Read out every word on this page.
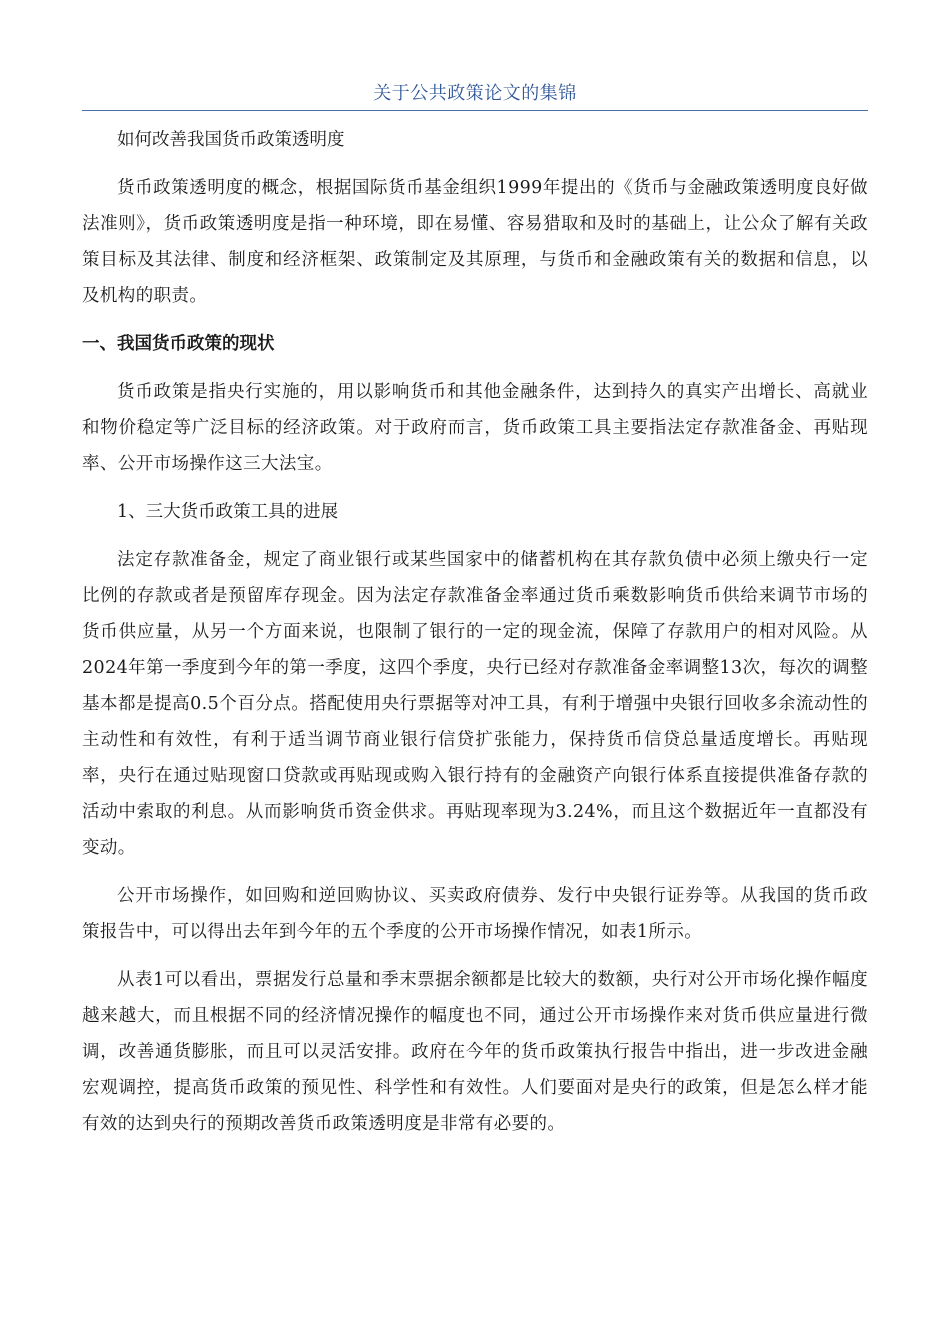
关于公共政策论文的集锦

如何改善我国货币政策透明度

货币政策透明度的概念，根据国际货币基金组织1999年提出的《货币与金融政策透明度良好做法准则》，货币政策透明度是指一种环境，即在易懂、容易猎取和及时的基础上，让公众了解有关政策目标及其法律、制度和经济框架、政策制定及其原理，与货币和金融政策有关的数据和信息，以及机构的职责。

一、我国货币政策的现状

货币政策是指央行实施的，用以影响货币和其他金融条件，达到持久的真实产出增长、高就业和物价稳定等广泛目标的经济政策。对于政府而言，货币政策工具主要指法定存款准备金、再贴现率、公开市场操作这三大法宝。

1、三大货币政策工具的进展

法定存款准备金，规定了商业银行或某些国家中的储蓄机构在其存款负债中必须上缴央行一定比例的存款或者是预留库存现金。因为法定存款准备金率通过货币乘数影响货币供给来调节市场的货币供应量，从另一个方面来说，也限制了银行的一定的现金流，保障了存款用户的相对风险。从2024年第一季度到今年的第一季度，这四个季度，央行已经对存款准备金率调整13次，每次的调整基本都是提高0.5个百分点。搭配使用央行票据等对冲工具，有利于增强中央银行回收多余流动性的主动性和有效性，有利于适当调节商业银行信贷扩张能力，保持货币信贷总量适度增长。再贴现率，央行在通过贴现窗口贷款或再贴现或购入银行持有的金融资产向银行体系直接提供准备存款的活动中索取的利息。从而影响货币资金供求。再贴现率现为3.24%，而且这个数据近年一直都没有变动。

公开市场操作，如回购和逆回购协议、买卖政府债券、发行中央银行证券等。从我国的货币政策报告中，可以得出去年到今年的五个季度的公开市场操作情况，如表1所示。

从表1可以看出，票据发行总量和季末票据余额都是比较大的数额，央行对公开市场化操作幅度越来越大，而且根据不同的经济情况操作的幅度也不同，通过公开市场操作来对货币供应量进行微调，改善通货膨胀，而且可以灵活安排。政府在今年的货币政策执行报告中指出，进一步改进金融宏观调控，提高货币政策的预见性、科学性和有效性。人们要面对是央行的政策，但是怎么样才能有效的达到央行的预期改善货币政策透明度是非常有必要的。
